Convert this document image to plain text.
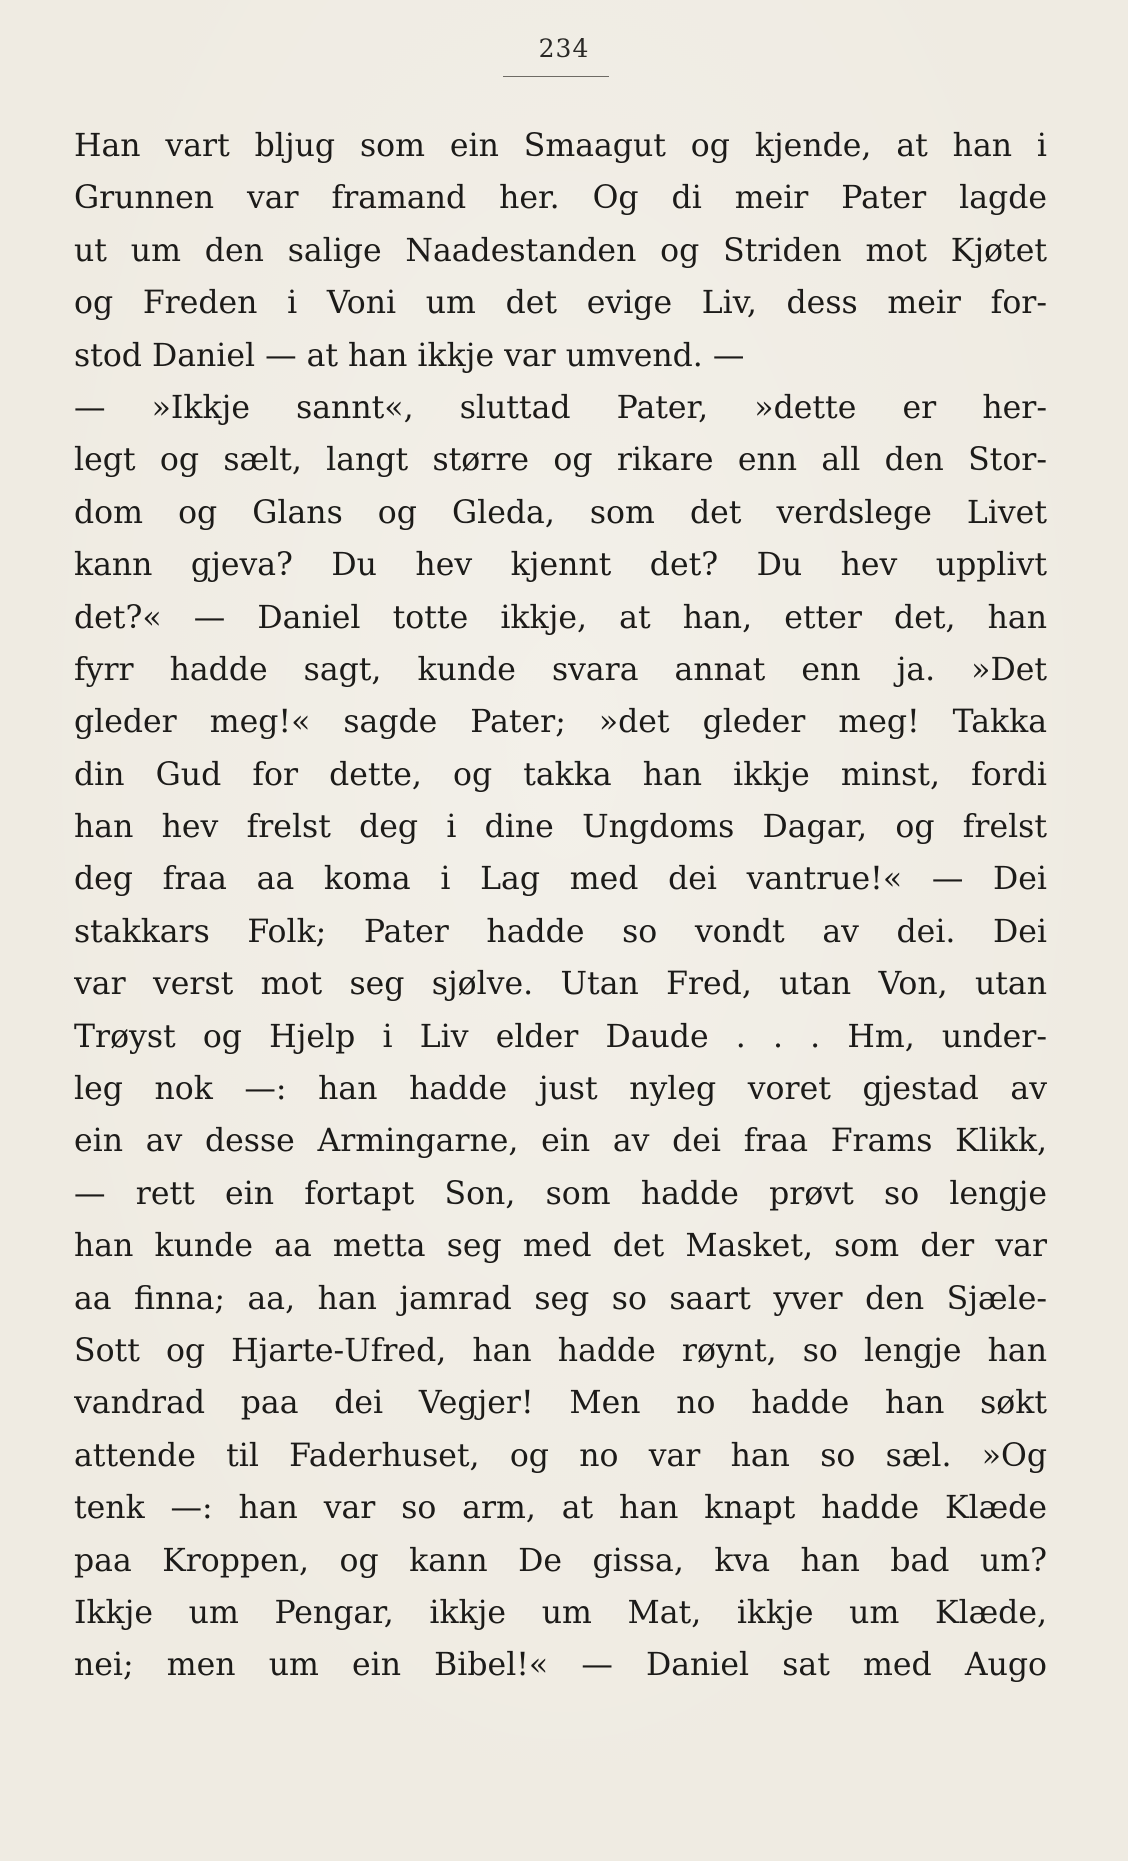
234
Han vart bljug som ein Smaagut og kjende, at han i
Grunnen var framand her. Og di meir Pater lagde
ut um den salige Naadestanden og Striden mot Kjøtet
og Freden i Voni um det evige Liv, dess meir for-
stod Daniel — at han ikkje var umvend. —
— »Ikkje sannt«, sluttad Pater, »dette er her-
legt og sælt, langt større og rikare enn all den Stor-
dom og Glans og Gleda, som det verdslege Livet
kann gjeva? Du hev kjennt det? Du hev upplivt
det?« — Daniel totte ikkje, at han, etter det, han
fyrr hadde sagt, kunde svara annat enn ja. »Det
gleder meg!« sagde Pater; »det gleder meg! Takka
din Gud for dette, og takka han ikkje minst, fordi
han hev frelst deg i dine Ungdoms Dagar, og frelst
deg fraa aa koma i Lag med dei vantrue!« — Dei
stakkars Folk; Pater hadde so vondt av dei. Dei
var verst mot seg sjølve. Utan Fred, utan Von, utan
Trøyst og Hjelp i Liv elder Daude . . . Hm, under-
leg nok —: han hadde just nyleg voret gjestad av
ein av desse Armingarne, ein av dei fraa Frams Klikk,
— rett ein fortapt Son, som hadde prøvt so lengje
han kunde aa metta seg med det Masket, som der var
aa finna; aa, han jamrad seg so saart yver den Sjæle-
Sott og Hjarte-Ufred, han hadde røynt, so lengje han
vandrad paa dei Vegjer! Men no hadde han søkt
attende til Faderhuset, og no var han so sæl. »Og
tenk —: han var so arm, at han knapt hadde Klæde
paa Kroppen, og kann De gissa, kva han bad um?
Ikkje um Pengar, ikkje um Mat, ikkje um Klæde,
nei; men um ein Bibel!« — Daniel sat med Augo
